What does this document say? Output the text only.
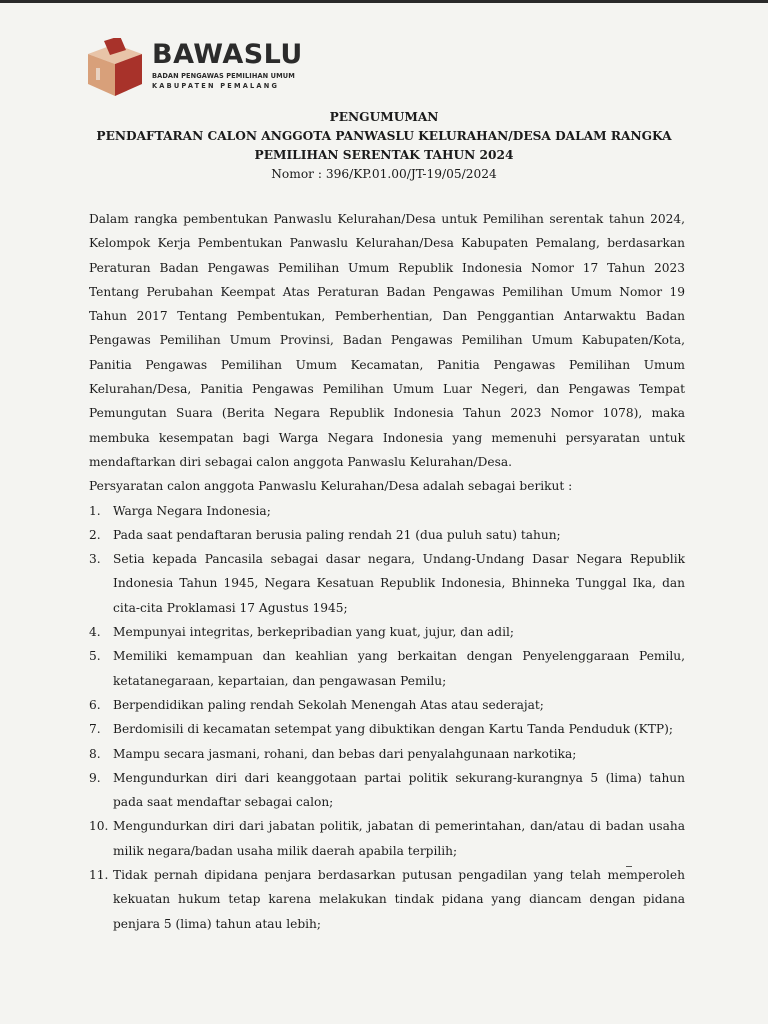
BAWASLU
BADAN PENGAWAS PEMILIHAN UMUM
KABUPATEN PEMALANG
PENGUMUMAN
PENDAFTARAN CALON ANGGOTA PANWASLU KELURAHAN/DESA DALAM RANGKA
PEMILIHAN SERENTAK TAHUN 2024
Nomor : 396/KP.01.00/JT-19/05/2024
Dalam rangka pembentukan Panwaslu Kelurahan/Desa untuk Pemilihan serentak tahun 2024, Kelompok Kerja Pembentukan Panwaslu Kelurahan/Desa Kabupaten Pemalang, berdasarkan Peraturan Badan Pengawas Pemilihan Umum Republik Indonesia Nomor 17 Tahun 2023 Tentang Perubahan Keempat Atas Peraturan Badan Pengawas Pemilihan Umum Nomor 19 Tahun 2017 Tentang Pembentukan, Pemberhentian, Dan Penggantian Antarwaktu Badan Pengawas Pemilihan Umum Provinsi, Badan Pengawas Pemilihan Umum Kabupaten/Kota, Panitia Pengawas Pemilihan Umum Kecamatan, Panitia Pengawas Pemilihan Umum Kelurahan/Desa, Panitia Pengawas Pemilihan Umum Luar Negeri, dan Pengawas Tempat Pemungutan Suara (Berita Negara Republik Indonesia Tahun 2023 Nomor 1078), maka membuka kesempatan bagi Warga Negara Indonesia yang memenuhi persyaratan untuk mendaftarkan diri sebagai calon anggota Panwaslu Kelurahan/Desa.
Persyaratan calon anggota Panwaslu Kelurahan/Desa adalah sebagai berikut :
1. Warga Negara Indonesia;
2. Pada saat pendaftaran berusia paling rendah 21 (dua puluh satu) tahun;
3. Setia kepada Pancasila sebagai dasar negara, Undang-Undang Dasar Negara Republik Indonesia Tahun 1945, Negara Kesatuan Republik Indonesia, Bhinneka Tunggal Ika, dan cita-cita Proklamasi 17 Agustus 1945;
4. Mempunyai integritas, berkepribadian yang kuat, jujur, dan adil;
5. Memiliki kemampuan dan keahlian yang berkaitan dengan Penyelenggaraan Pemilu, ketatanegaraan, kepartaian, dan pengawasan Pemilu;
6. Berpendidikan paling rendah Sekolah Menengah Atas atau sederajat;
7. Berdomisili di kecamatan setempat yang dibuktikan dengan Kartu Tanda Penduduk (KTP);
8. Mampu secara jasmani, rohani, dan bebas dari penyalahgunaan narkotika;
9. Mengundurkan diri dari keanggotaan partai politik sekurang-kurangnya 5 (lima) tahun pada saat mendaftar sebagai calon;
10. Mengundurkan diri dari jabatan politik, jabatan di pemerintahan, dan/atau di badan usaha milik negara/badan usaha milik daerah apabila terpilih;
11. Tidak pernah dipidana penjara berdasarkan putusan pengadilan yang telah memperoleh kekuatan hukum tetap karena melakukan tindak pidana yang diancam dengan pidana penjara 5 (lima) tahun atau lebih;
